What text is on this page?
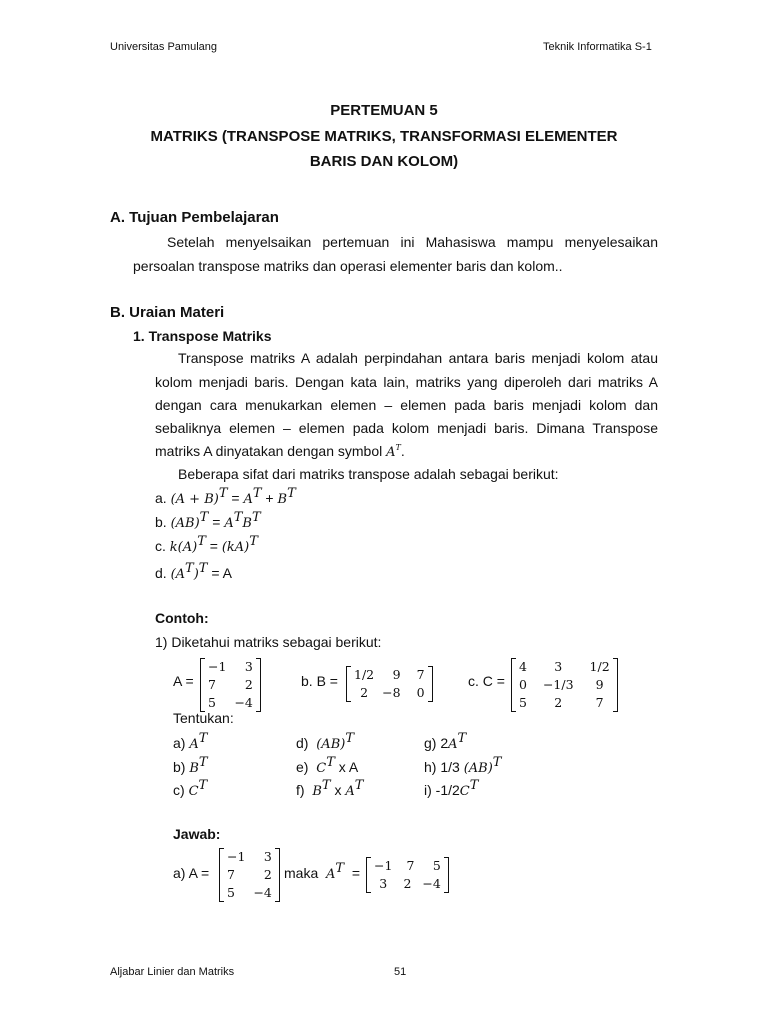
Universitas Pamulang	Teknik Informatika S-1
PERTEMUAN 5
MATRIKS (TRANSPOSE MATRIKS, TRANSFORMASI ELEMENTER
BARIS DAN KOLOM)
A. Tujuan Pembelajaran
Setelah menyelsaikan pertemuan ini Mahasiswa mampu menyelesaikan
persoalan transpose matriks dan operasi elementer baris dan kolom..
B. Uraian Materi
1. Transpose Matriks
Transpose matriks A adalah perpindahan antara baris menjadi kolom atau
kolom menjadi baris. Dengan kata lain, matriks yang diperoleh dari matriks A
dengan cara menukarkan elemen – elemen pada baris menjadi kolom dan
sebaliknya elemen – elemen pada kolom menjadi baris. Dimana Transpose
matriks A dinyatakan dengan symbol $A^T$.
Beberapa sifat dari matriks transpose adalah sebagai berikut:
a. $(A + B)^T = A^T + B^T$
b. $(AB)^T = A^TB^T$
c. $k(A)^T = (kA)^T$
d. $(A^T)^T = A$
Contoh:
1) Diketahui matriks sebagai berikut:
A =
−1	3
7	2
5	−4
b. B = 1/2	9	7
2	−8	0
c. C =
4	3	1/2
0	−1/3	9
5	2	7
Tentukan:
a) $A^T$	d) (AB)$^T$	g) $2A^T$
b) $B^T$	e) $C^T$ x A	h) 1/3 (AB)$^T$
c) $C^T$	f) $B^T$ x $A^T$	i) $-1/2C^T$
Jawab:
a) A =
−1	3
7	2
5	−4
maka $A^T = -1$	7	5
3	2	−4
Aljabar Linier dan Matriks	51
